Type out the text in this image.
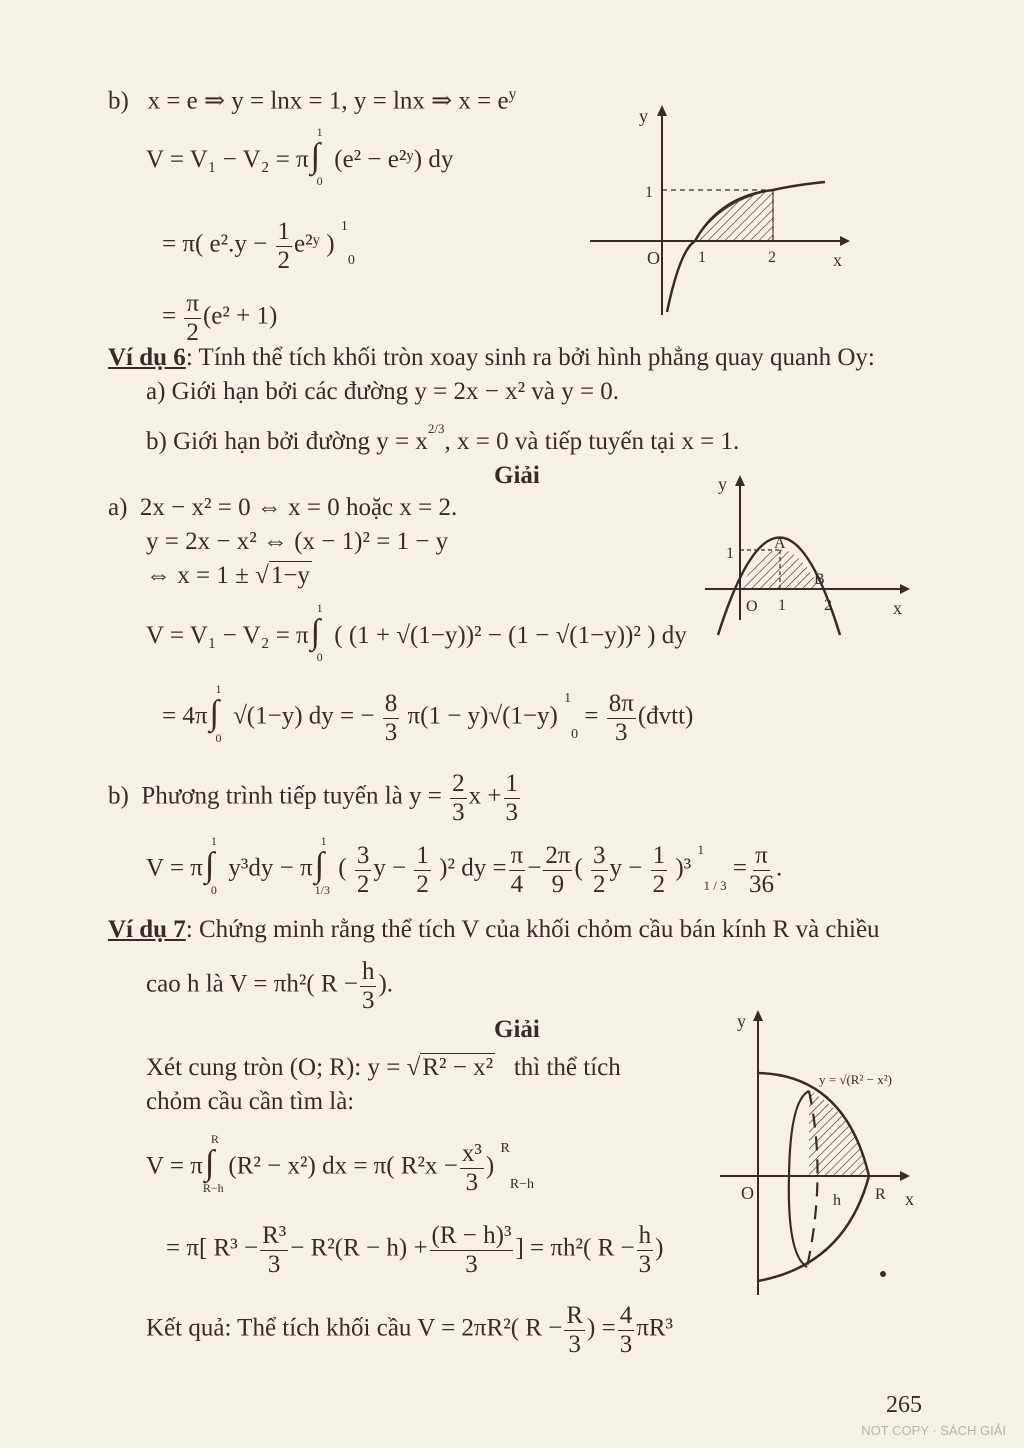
b) x = e ⇒ y = lnx = 1, y = lnx ⇒ $x = e^y$
V = V₁ − V₂ = π∫
1
0
(e² − e²ʸ) dy
= π( $e^2.y - \frac{1}{2}$ e²ʸ ) $^1_0$
= $\frac{\pi}{2} (e^2 + 1)$
y
x
O 1	2
1
Ví dụ 6: Tính thể tích khối tròn xoay sinh ra bởi hình phẳng quay quanh Oy:
a) Giới hạn bởi các đường y = 2x − x² và y = 0.
b) Giới hạn bởi đường $y = x^{2/3}$, x = 0 và tiếp tuyến tại x = 1.
Giải
a) 2x − x² = 0 ⇔ x = 0 hoặc x = 2.
y = 2x − x² ⇔ (x − 1)² = 1 − y
⇔ x = 1 ± √1−y
V = V₁ − V₂ = π∫
1
0
( (1 + √(1−y))² − (1 − √(1−y))² ) dy
= 4π∫
1
0
√(1−y) dy = − $\frac{8}{3} \pi(1 - y)√(1-y) ^1_0 = \frac{8\pi}{3}$ (đvtt)
y
x
O 1 2
1
A
B
b) Phương trình tiếp tuyến là $y = \frac{2}{3}$ $x + \frac{1}{3}$
V = π∫
1
0
y³dy − π∫
1
1/3
( $\frac{3}{2}$ $y - \frac{1}{2} )^2$ dy = $\frac{\pi}{4} - \frac{2\pi}{9}$ ( $\frac{3}{2}$ $y - \frac{1}{2} )^3$ $^1_{1 / 3} = \frac{\pi}{36}$ .
Ví dụ 7: Chứng minh rằng thể tích V của khối chỏm cầu bán kính R và chiều
cao h là V = πh²( $R - \frac{h}{3}$ ).
Giải
Xét cung tròn (O; R): y = √R² − x² thì thể tích
chỏm cầu cần tìm là:
V = π∫
R
R−h
(R² − x²) dx = π( $R^2x - \frac{\text{x³}}{3}$ ) $^R_{R-h}$
= π[ $R^3 - \frac{\text{R³}}{3} - R^2(R - h) + \frac{\text{(R − h)³}}{3}$ ] = πh²( $R - \frac{h}{3}$ )
Kết quả: Thể tích khối cầu V = 2πR²( $R - \frac{R}{3}$ ) = $\frac{4}{3} \pi R^3$
y
x
O	h R
y = √(R² − x²)
265
NOT COPY · SÁCH GIẢI
